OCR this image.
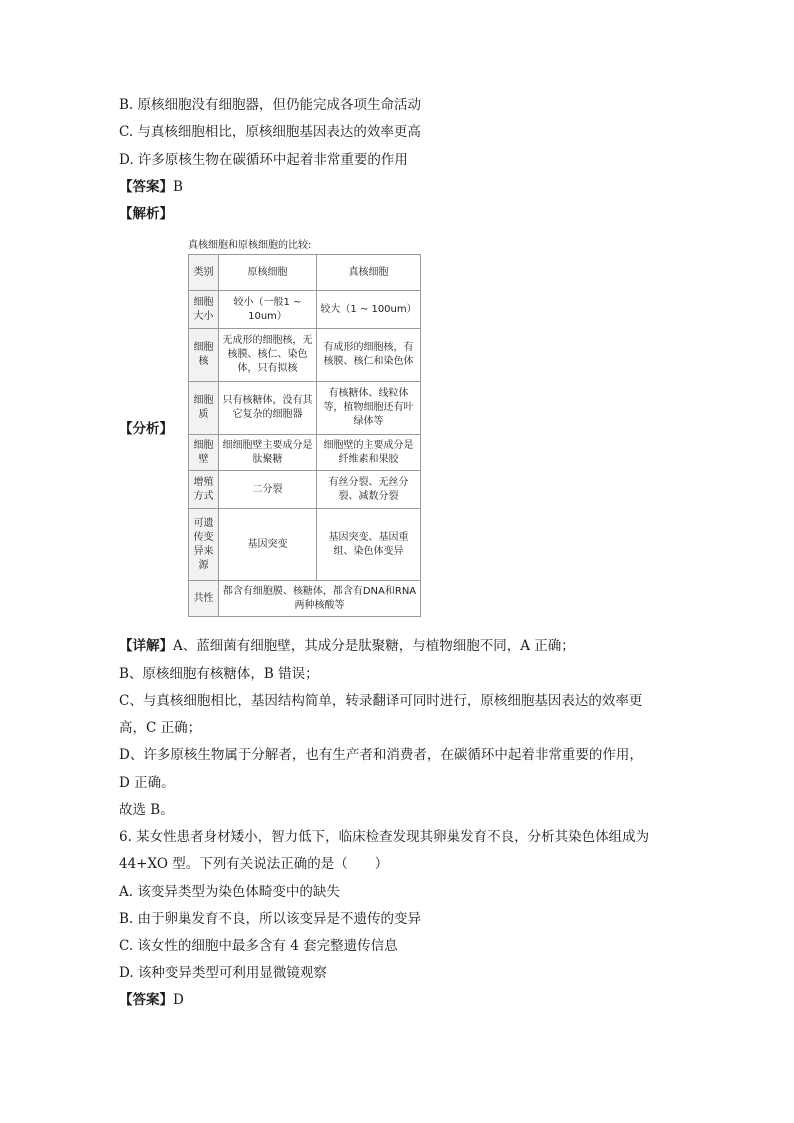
B. 原核细胞没有细胞器，但仍能完成各项生命活动
C. 与真核细胞相比，原核细胞基因表达的效率更高
D. 许多原核生物在碳循环中起着非常重要的作用
【答案】B
【解析】
【分析】
真核细胞和原核细胞的比较:
类别	原核细胞	真核细胞
细胞大小	较小（一般1 ~ 10um）	较大（1 ~ 100um）
细胞核	无成形的细胞核，无核膜、核仁、染色体，只有拟核	有成形的细胞核，有核膜、核仁和染色体
细胞质	只有核糖体，没有其它复杂的细胞器	有核糖体、线粒体等，植物细胞还有叶绿体等
细胞壁	细细胞壁主要成分是肽聚糖	细胞壁的主要成分是纤维素和果胶
增殖方式	二分裂	有丝分裂、无丝分裂、减数分裂
可遗传变异来源	基因突变	基因突变、基因重组、染色体变异
共性	都含有细胞膜、核糖体，都含有DNA和RNA两种核酸等	
【详解】A、蓝细菌有细胞壁，其成分是肽聚糖，与植物细胞不同，A 正确；
B、原核细胞有核糖体，B 错误；
C、与真核细胞相比，基因结构简单，转录翻译可同时进行，原核细胞基因表达的效率更
高，C 正确；
D、许多原核生物属于分解者，也有生产者和消费者，在碳循环中起着非常重要的作用，
D 正确。
故选 B。
6. 某女性患者身材矮小，智力低下，临床检查发现其卵巢发育不良，分析其染色体组成为
44+XO 型。下列有关说法正确的是（　　）
A. 该变异类型为染色体畸变中的缺失
B. 由于卵巢发育不良，所以该变异是不遗传的变异
C. 该女性的细胞中最多含有 4 套完整遗传信息
D. 该种变异类型可利用显微镜观察
【答案】D
